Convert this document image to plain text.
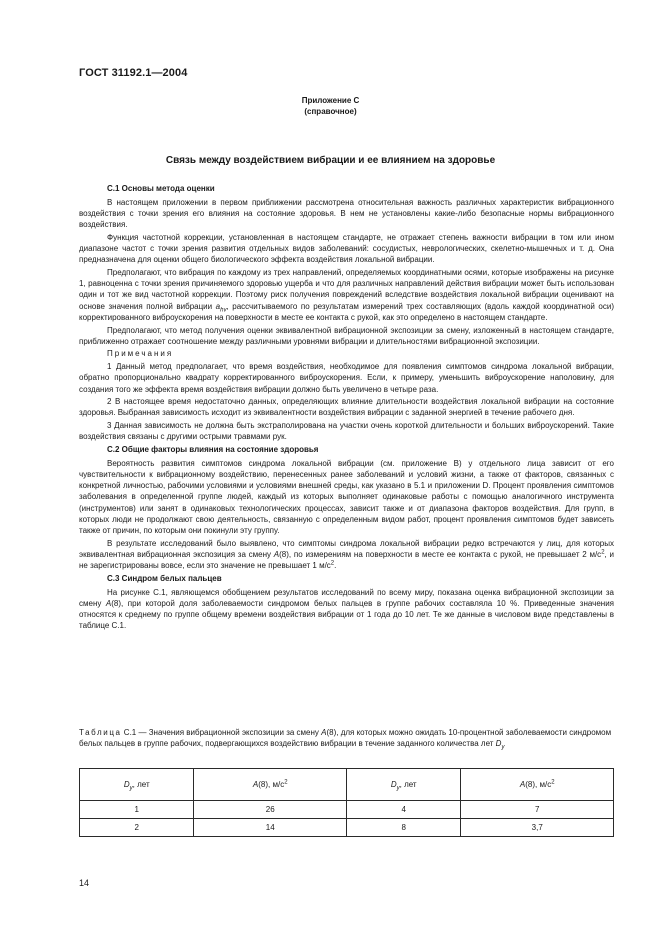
ГОСТ 31192.1—2004
Приложение С
(справочное)
Связь между воздействием вибрации и ее влиянием на здоровье
С.1 Основы метода оценки
В настоящем приложении в первом приближении рассмотрена относительная важность различных характеристик вибрационного воздействия с точки зрения его влияния на состояние здоровья. В нем не установлены какие-либо безопасные нормы вибрационного воздействия.
Функция частотной коррекции, установленная в настоящем стандарте, не отражает степень важности вибрации в том или ином диапазоне частот с точки зрения развития отдельных видов заболеваний: сосудистых, неврологических, скелетно-мышечных и т. д. Она предназначена для оценки общего биологического эффекта воздействия локальной вибрации.
Предполагают, что вибрация по каждому из трех направлений, определяемых координатными осями, которые изображены на рисунке 1, равноценна с точки зрения причиняемого здоровью ущерба и что для различных направлений действия вибрации может быть использован один и тот же вид частотной коррекции. Поэтому риск получения повреждений вследствие воздействия локальной вибрации оценивают на основе значения полной вибрации $a_{hv}$, рассчитываемого по результатам измерений трех составляющих (вдоль каждой координатной оси) корректированного виброускорения на поверхности в месте ее контакта с рукой, как это определено в настоящем стандарте.
Предполагают, что метод получения оценки эквивалентной вибрационной экспозиции за смену, изложенный в настоящем стандарте, приближенно отражает соотношение между различными уровнями вибрации и длительностями вибрационной экспозиции.
Примечания
1 Данный метод предполагает, что время воздействия, необходимое для появления симптомов синдрома локальной вибрации, обратно пропорционально квадрату корректированного виброускорения. Если, к примеру, уменьшить виброускорение наполовину, для создания того же эффекта время воздействия вибрации должно быть увеличено в четыре раза.
2 В настоящее время недостаточно данных, определяющих влияние длительности воздействия локальной вибрации на состояние здоровья. Выбранная зависимость исходит из эквивалентности воздействия вибрации с заданной энергией в течение рабочего дня.
3 Данная зависимость не должна быть экстраполирована на участки очень короткой длительности и больших виброускорений. Такие воздействия связаны с другими острыми травмами рук.
С.2 Общие факторы влияния на состояние здоровья
Вероятность развития симптомов синдрома локальной вибрации (см. приложение В) у отдельного лица зависит от его чувствительности к вибрационному воздействию, перенесенных ранее заболеваний и условий жизни, а также от факторов, связанных с конкретной личностью, рабочими условиями и условиями внешней среды, как указано в 5.1 и приложении D. Процент проявления симптомов заболевания в определенной группе людей, каждый из которых выполняет одинаковые работы с помощью аналогичного инструмента (инструментов) или занят в одинаковых технологических процессах, зависит также и от диапазона факторов воздействия. Для групп, в которых люди не продолжают свою деятельность, связанную с определенным видом работ, процент проявления симптомов будет зависеть также от причин, по которым они покинули эту группу.
В результате исследований было выявлено, что симптомы синдрома локальной вибрации редко встречаются у лиц, для которых эквивалентная вибрационная экспозиция за смену A(8), по измерениям на поверхности в месте ее контакта с рукой, не превышает 2 $м/с^2$, и не зарегистрированы вовсе, если это значение не превышает 1 $м/с^2$.
С.3 Синдром белых пальцев
На рисунке С.1, являющемся обобщением результатов исследований по всему миру, показана оценка вибрационной экспозиции за смену A(8), при которой доля заболеваемости синдромом белых пальцев в группе рабочих составляла 10 %. Приведенные значения относятся к среднему по группе общему времени воздействия вибрации от 1 года до 10 лет. Те же данные в числовом виде представлены в таблице С.1.
Таблица С.1 — Значения вибрационной экспозиции за смену A(8), для которых можно ожидать 10-процентной заболеваемости синдромом белых пальцев в группе рабочих, подвергающихся воздействию вибрации в течение заданного количества лет $D_y$
$D_y$, лет	A(8), $м/с^2$	$D_y$, лет	A(8), $м/с^2$
1	26	4	7
2	14	8	3,7
14
